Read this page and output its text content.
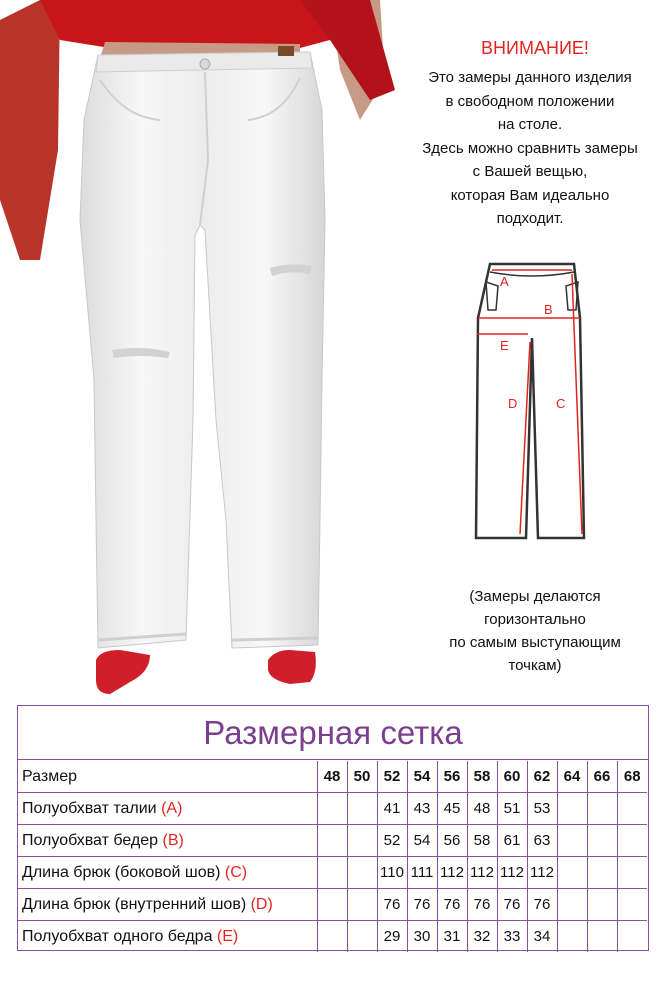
ВНИМАНИЕ!
Это замеры данного изделия
в свободном положении
на столе.
Здесь можно сравнить замеры
с Вашей вещью,
которая Вам идеально
подходит.
A
B
E
D	C
(Замеры делаются
горизонтально
по самым выступающим
точкам)
Размерная сетка
Размер	48	50	52	54	56	58	60	62	64	66	68
Полуобхват талии (A)			41	43	45	48	51	53			
Полуобхват бедер (B)			52	54	56	58	61	63			
Длина брюк (боковой шов) (C)			110	111	112	112	112	112			
Длина брюк (внутренний шов) (D)			76	76	76	76	76	76			
Полуобхват одного бедра (E)			29	30	31	32	33	34			
